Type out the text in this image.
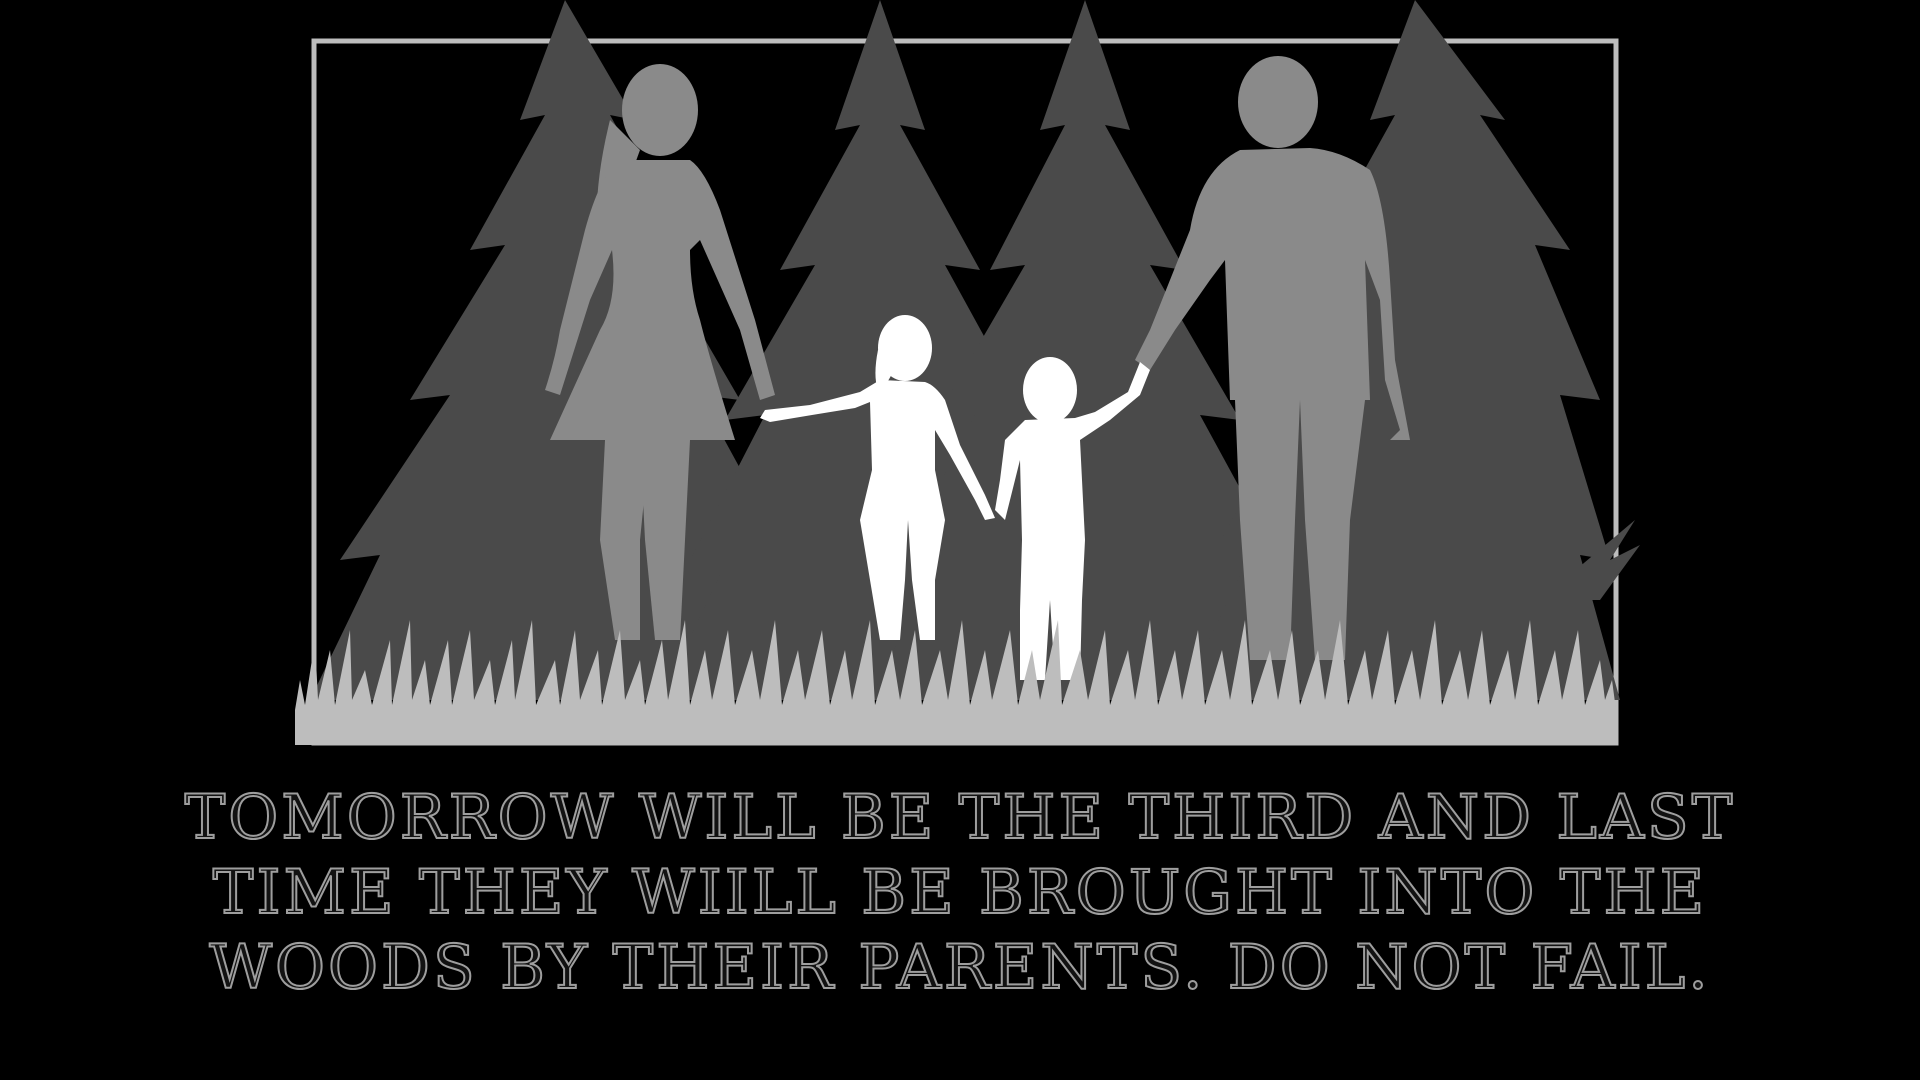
TOMORROW WILL BE THE THIRD AND LAST
TIME THEY WIILL BE BROUGHT INTO THE
WOODS BY THEIR PARENTS. DO NOT FAIL.
